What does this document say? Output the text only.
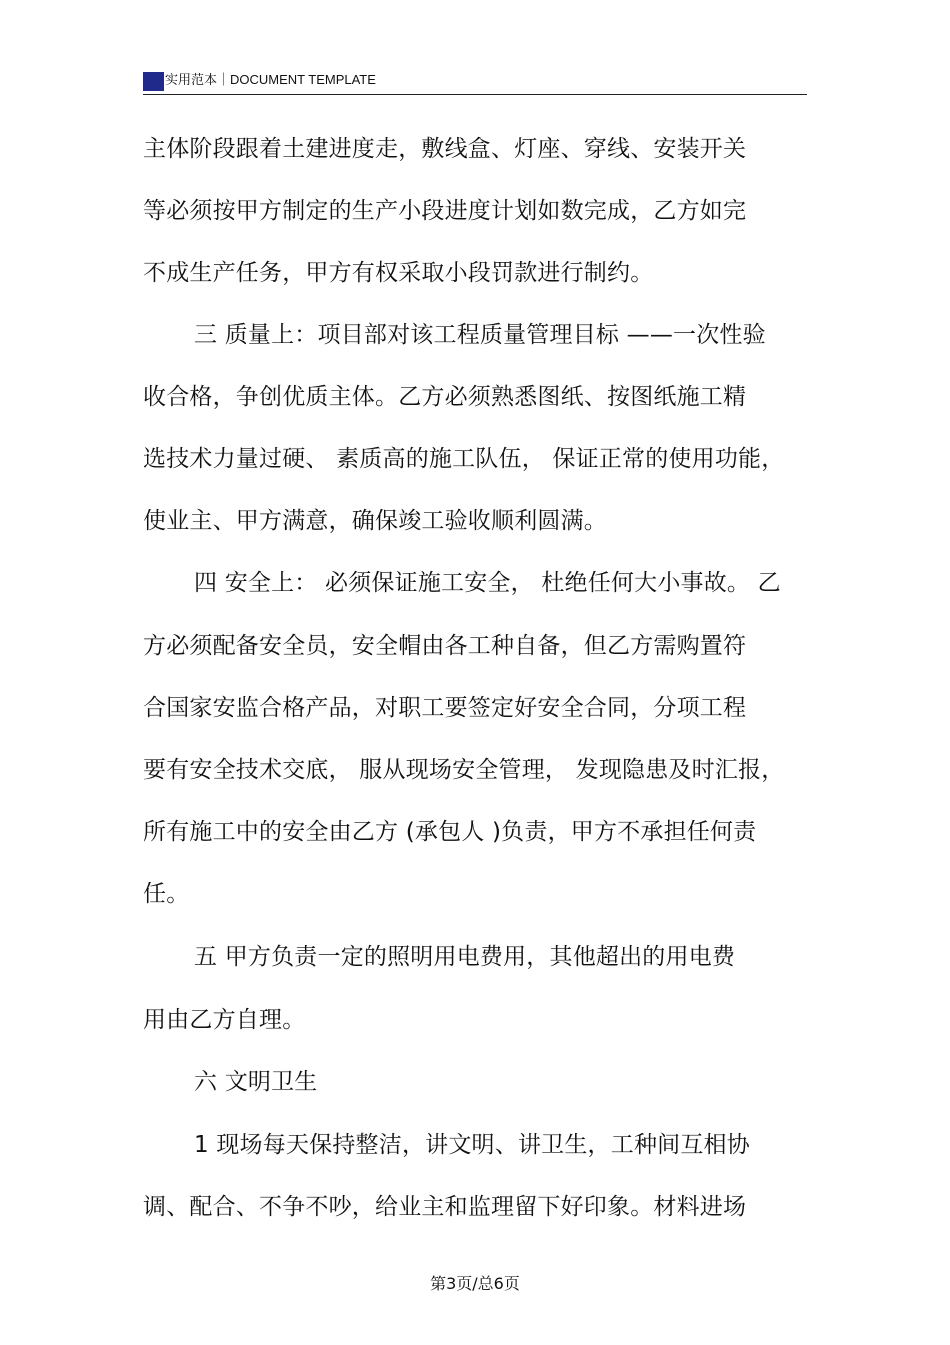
实用范本｜DOCUMENT TEMPLATE
主体阶段跟着土建进度走，敷线盒、灯座、穿线、安装开关
等必须按甲方制定的生产小段进度计划如数完成，乙方如完
不成生产任务，甲方有权采取小段罚款进行制约。
三 质量上：项目部对该工程质量管理目标 ——一次性验
收合格，争创优质主体。乙方必须熟悉图纸、按图纸施工精
选技术力量过硬、 素质高的施工队伍， 保证正常的使用功能，
使业主、甲方满意，确保竣工验收顺利圆满。
四 安全上： 必须保证施工安全， 杜绝任何大小事故。 乙
方必须配备安全员，安全帽由各工种自备，但乙方需购置符
合国家安监合格产品，对职工要签定好安全合同，分项工程
要有安全技术交底， 服从现场安全管理， 发现隐患及时汇报，
所有施工中的安全由乙方 (承包人 )负责，甲方不承担任何责
任。
五 甲方负责一定的照明用电费用，其他超出的用电费
用由乙方自理。
六 文明卫生
1 现场每天保持整洁，讲文明、讲卫生，工种间互相协
调、配合、不争不吵，给业主和监理留下好印象。材料进场
第3页/总6页
